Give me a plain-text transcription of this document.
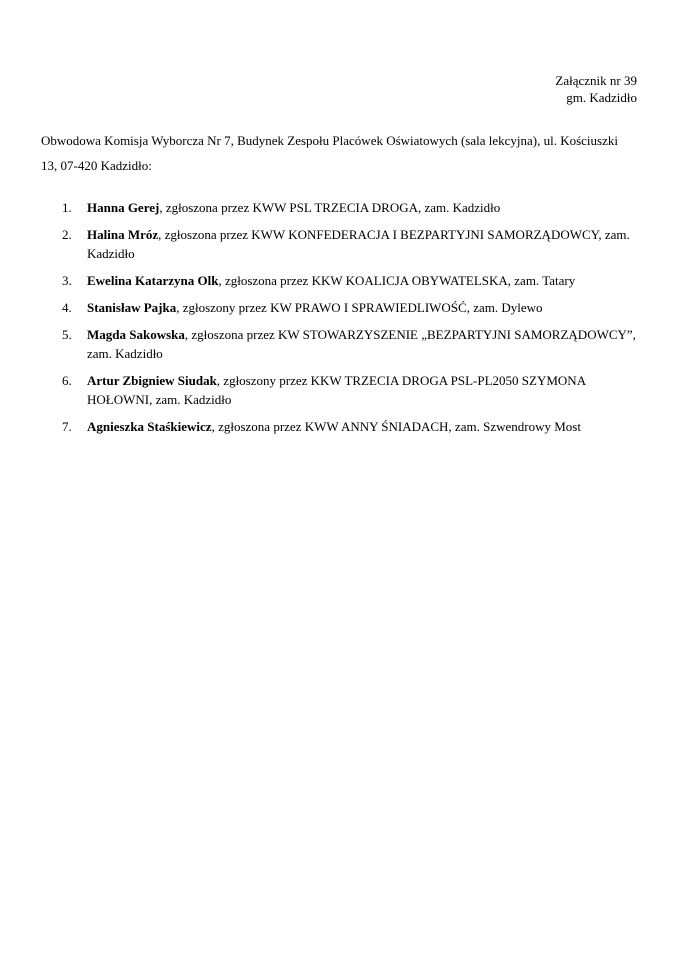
Załącznik nr 39
gm. Kadzidło
Obwodowa Komisja Wyborcza Nr 7, Budynek Zespołu Placówek Oświatowych (sala lekcyjna), ul. Kościuszki 13, 07-420 Kadzidło:
1. Hanna Gerej, zgłoszona przez KWW PSL TRZECIA DROGA, zam. Kadzidło
2. Halina Mróz, zgłoszona przez KWW KONFEDERACJA I BEZPARTYJNI SAMORZĄDOWCY, zam. Kadzidło
3. Ewelina Katarzyna Olk, zgłoszona przez KKW KOALICJA OBYWATELSKA, zam. Tatary
4. Stanisław Pajka, zgłoszony przez KW PRAWO I SPRAWIEDLIWOŚĆ, zam. Dylewo
5. Magda Sakowska, zgłoszona przez KW STOWARZYSZENIE „BEZPARTYJNI SAMORZĄDOWCY”, zam. Kadzidło
6. Artur Zbigniew Siudak, zgłoszony przez KKW TRZECIA DROGA PSL-PL2050 SZYMONA HOŁOWNI, zam. Kadzidło
7. Agnieszka Staśkiewicz, zgłoszona przez KWW ANNY ŚNIADACH, zam. Szwendrowy Most
